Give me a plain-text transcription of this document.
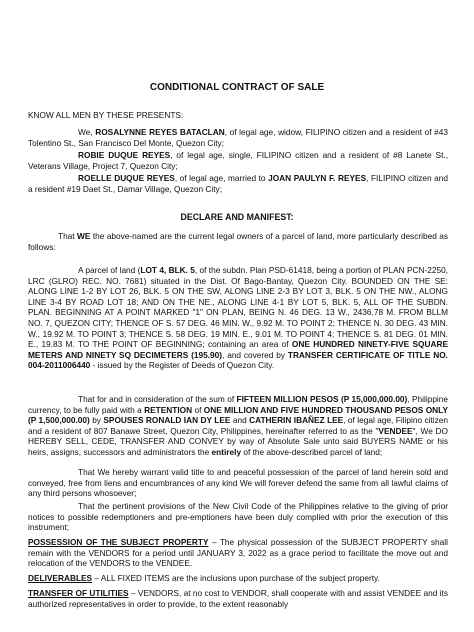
CONDITIONAL CONTRACT OF SALE

KNOW ALL MEN BY THESE PRESENTS:

We, ROSALYNNE REYES BATACLAN, of legal age, widow, FILIPINO citizen and a resident of #43 Tolentino St., San Francisco Del Monte, Quezon City;

ROBIE DUQUE REYES, of legal age, single, FILIPINO citizen and a resident of #8 Lanete St., Veterans Village, Project 7, Quezon City;

ROELLE DUQUE REYES, of legal age, married to JOAN PAULYN F. REYES, FILIPINO citizen and a resident #19 Daet St., Damar Village, Quezon City;

DECLARE AND MANIFEST:

That WE the above-named are the current legal owners of a parcel of land, more particularly described as follows:

A parcel of land (LOT 4, BLK. 5, of the subdn. Plan PSD-61418, being a portion of PLAN PCN-2250, LRC (GLRO) REC. NO. 7681) situated in the Dist. Of Bago-Bantay, Quezon City. BOUNDED ON THE SE: ALONG LINE 1-2 BY LOT 26, BLK. 5 ON THE SW, ALONG LINE 2-3 BY LOT 3, BLK. 5 ON THE NW., ALONG LINE 3-4 BY ROAD LOT 18; AND ON THE NE., ALONG LINE 4-1 BY LOT 5, BLK. 5, ALL OF THE SUBDN. PLAN. BEGINNING AT A POINT MARKED "1" ON PLAN, BEING N. 46 DEG. 13 W., 2436.78 M. FROM BLLM NO. 7, QUEZON CITY; THENCE OF S. 57 DEG. 46 MIN. W., 9.92 M. TO POINT 2; THENCE N. 30 DEG. 43 MIN. W., 19.92 M. TO POINT 3; THENCE S. 58 DEG. 19 MIN. E., 9.01 M. TO POINT 4; THENCE S. 81 DEG. 01 MIN. E., 19.83 M. TO THE POINT OF BEGINNING; containing an area of ONE HUNDRED NINETY-FIVE SQUARE METERS AND NINETY SQ DECIMETERS (195.90), and covered by TRANSFER CERTIFICATE OF TITLE NO. 004-2011006440 - issued by the Register of Deeds of Quezon City.

That for and in consideration of the sum of FIFTEEN MILLION PESOS (P 15,000,000.00), Philippine currency, to be fully paid with a RETENTION of ONE MILLION AND FIVE HUNDRED THOUSAND PESOS ONLY (P 1,500,000.00) by SPOUSES RONALD IAN DY LEE and CATHERIN IBAÑEZ LEE, of legal age, Filipino citizen and a resident of 807 Banawe Street, Quezon City, Philippines, hereinafter referred to as the "VENDEE", We DO HEREBY SELL, CEDE, TRANSFER AND CONVEY by way of Absolute Sale unto said BUYERS NAME or his heirs, assigns, successors and administrators the entirely of the above-described parcel of land;

That We hereby warrant valid title to and peaceful possession of the parcel of land herein sold and conveyed, free from liens and encumbrances of any kind We will forever defend the same from all lawful claims of any third persons whosoever;

That the pertinent provisions of the New Civil Code of the Philippines relative to the giving of prior notices to possible redemptioners and pre-emptioners have been duly complied with prior the execution of this instrument;

POSSESSION OF THE SUBJECT PROPERTY – The physical possession of the SUBJECT PROPERTY shall remain with the VENDORS for a period until JANUARY 3, 2022 as a grace period to facilitate the move out and relocation of the VENDORS to the VENDEE.

DELIVERABLES – ALL FIXED ITEMS are the inclusions upon purchase of the subject property.

TRANSFER OF UTILITIES – VENDORS, at no cost to VENDOR, shall cooperate with and assist VENDEE and its authorized representatives in order to provide, to the extent reasonably
